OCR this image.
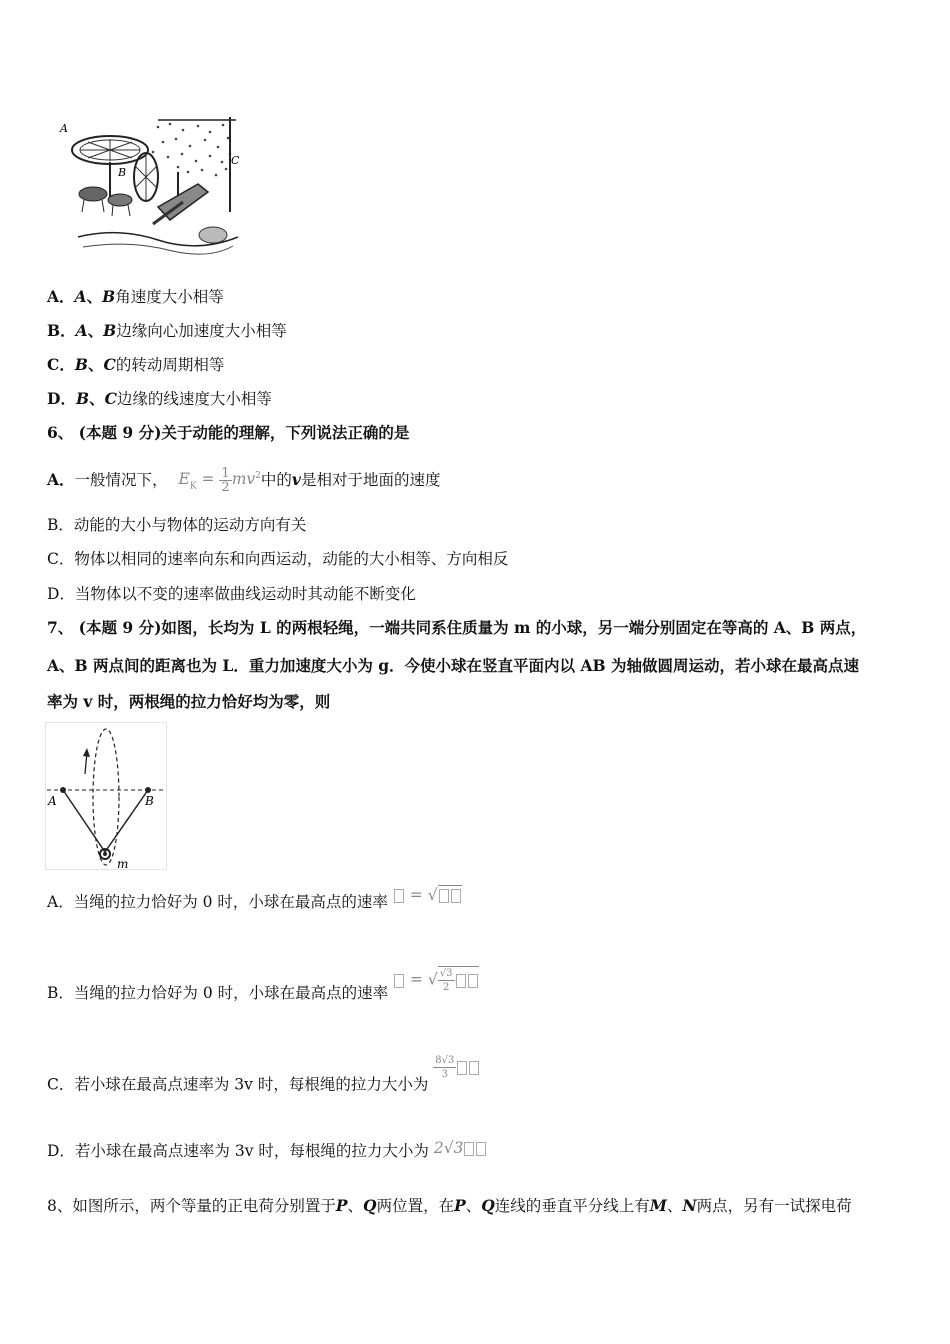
A
B
C
A．A、B角速度大小相等
B．A、B边缘向心加速度大小相等
C．B、C的转动周期相等
D．B、C边缘的线速度大小相等
6、 (本题 9 分)关于动能的理解，下列说法正确的是
A．一般情况下， $E_K = \frac{1}{2} mv^2$中的v是相对于地面的速度
B．动能的大小与物体的运动方向有关
C．物体以相同的速率向东和向西运动，动能的大小相等、方向相反
D．当物体以不变的速率做曲线运动时其动能不断变化
7、 (本题 9 分)如图，长均为 L 的两根轻绳，一端共同系住质量为 m 的小球，另一端分别固定在等高的 A、B 两点，
A、B 两点间的距离也为 L．重力加速度大小为 g．今使小球在竖直平面内以 AB 为轴做圆周运动，若小球在最高点速
率为 v 时，两根绳的拉力恰好均为零，则
A	B
m
A．当绳的拉力恰好为 0 时，小球在最高点的速率 = √
B．当绳的拉力恰好为 0 时，小球在最高点的速率  = √ $\frac{√3}{2}$
C．若小球在最高点速率为 3v 时，每根绳的拉力大小为
$\frac{8√3}{3}$
D．若小球在最高点速率为 3v 时，每根绳的拉力大小为 2√3
8、如图所示，两个等量的正电荷分别置于P、Q两位置，在P、Q连线的垂直平分线上有M、N两点，另有一试探电荷
